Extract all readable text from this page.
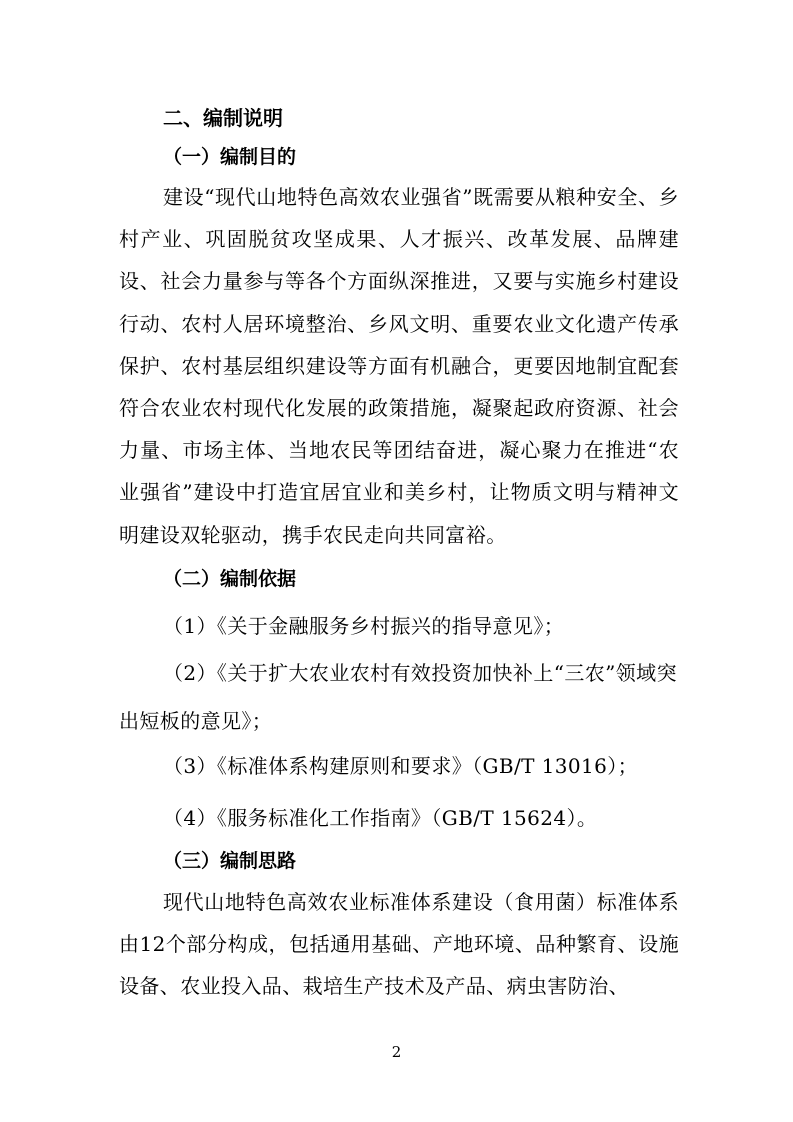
二、编制说明
（一）编制目的

建设“现代山地特色高效农业强省”既需要从粮种安全、乡村产业、巩固脱贫攻坚成果、人才振兴、改革发展、品牌建设、社会力量参与等各个方面纵深推进，又要与实施乡村建设行动、农村人居环境整治、乡风文明、重要农业文化遗产传承保护、农村基层组织建设等方面有机融合，更要因地制宜配套符合农业农村现代化发展的政策措施，凝聚起政府资源、社会力量、市场主体、当地农民等团结奋进，凝心聚力在推进“农业强省”建设中打造宜居宜业和美乡村，让物质文明与精神文明建设双轮驱动，携手农民走向共同富裕。

（二）编制依据

（1）《关于金融服务乡村振兴的指导意见》；

（2）《关于扩大农业农村有效投资加快补上“三农”领域突出短板的意见》；

（3）《标准体系构建原则和要求》（GB/T 13016）；

（4）《服务标准化工作指南》（GB/T 15624）。

（三）编制思路

现代山地特色高效农业标准体系建设（食用菌）标准体系由12个部分构成，包括通用基础、产地环境、品种繁育、设施设备、农业投入品、栽培生产技术及产品、病虫害防治、

2
